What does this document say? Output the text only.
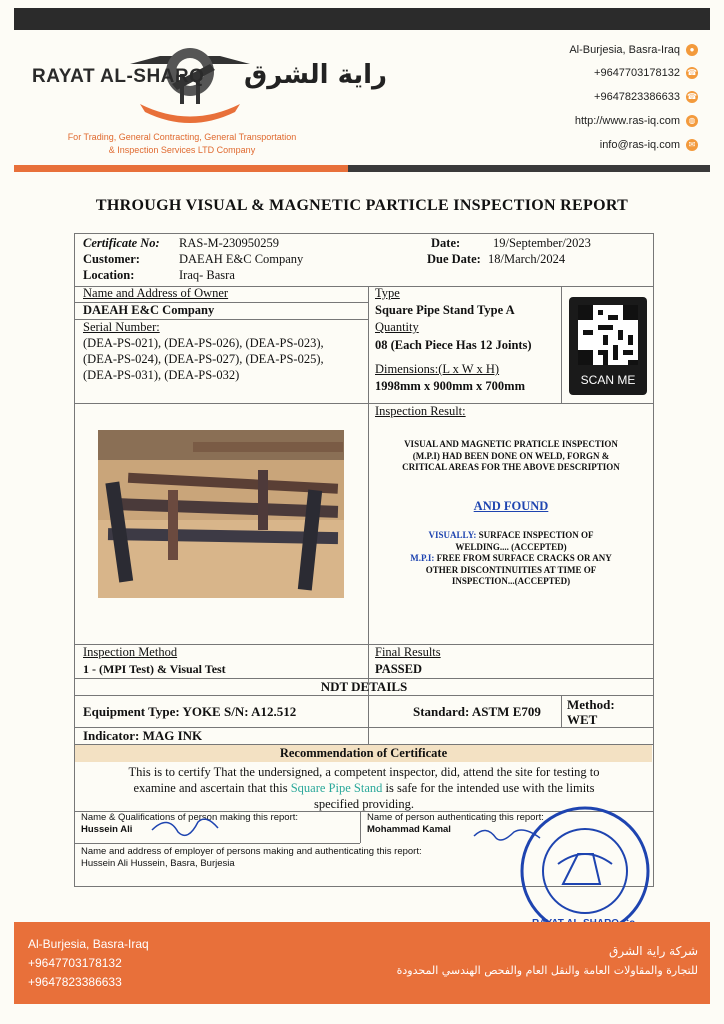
RAYAT AL-SHARQ راية الشرق
For Trading, General Contracting, General Transportation
& Inspection Services LTD Company
Al-Burjesia, Basra-Iraq	●
+9647703178132 ☎
+9647823386633 ☎
http://www.ras-iq.com	◍
info@ras-iq.com	✉
THROUGH VISUAL & MAGNETIC PARTICLE INSPECTION REPORT
Certificate No: RAS-M-230950259
Customer:	DAEAH E&C Company
Location:	Iraq- Basra
Date:	19/September/2023
Due Date: 18/March/2024
Name and Address of Owner
DAEAH E&C Company
Serial Number:
(DEA-PS-021), (DEA-PS-026), (DEA-PS-023),
(DEA-PS-024), (DEA-PS-027), (DEA-PS-025),
(DEA-PS-031), (DEA-PS-032)
Type
Square Pipe Stand Type A
Quantity
08 (Each Piece Has 12 Joints)
Dimensions:(L x W x H)
1998mm x 900mm x 700mm
Inspection Result:
VISUAL AND MAGNETIC PRATICLE INSPECTION
(M.P.I) HAD BEEN DONE ON WELD, FORGN &
CRITICAL AREAS FOR THE ABOVE DESCRIPTION
AND FOUND
VISUALLY: SURFACE INSPECTION OF
WELDING.... (ACCEPTED)
M.P.I: FREE FROM SURFACE CRACKS OR ANY
OTHER DISCONTINUITIES AT TIME OF
INSPECTION...(ACCEPTED)
Inspection Method
1 - (MPI Test) & Visual Test
Final Results
PASSED
NDT DETAILS
Equipment Type: YOKE S/N: A12.512	Standard: ASTM E709 Method:
WET
Indicator: MAG INK
This is to certify That the undersigned, a competent inspector, did, attend the site for testing to
examine and ascertain that this Square Pipe Stand is safe for the intended use with the limits
specified providing.
Name & Qualifications of person making this report:
Hussein Ali
Name of person authenticating this report:
Mohammad Kamal
Name and address of employer of persons making and authenticating this report:
Hussein Ali Hussein, Basra, Burjesia
SCAN ME
Recommendation of Certificate
Al-Burjesia, Basra-Iraq
+9647703178132
+9647823386633
شركة راية الشرق
للتجارة والمقاولات العامة والنقل العام والفحص الهندسي المحدودة
